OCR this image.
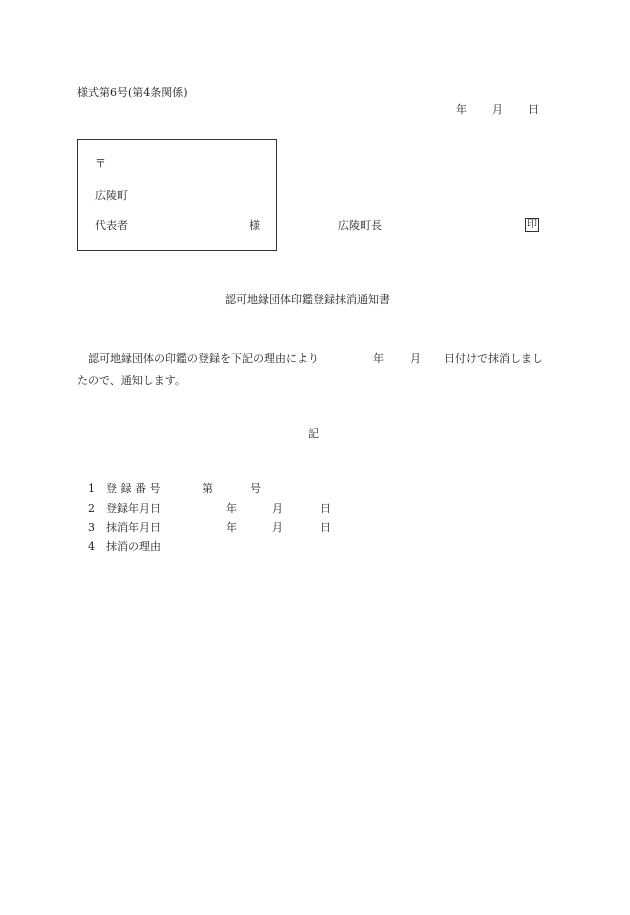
様式第6号(第4条関係)
年 月 日
〒
広陵町
代表者	様	広陵町長	印
認可地縁団体印鑑登録抹消通知書
認可地縁団体の印鑑の登録を下記の理由により	年 月 日付けで抹消しまし
たので、通知します。
記
1 登 録 番 号	第	号
2 登録年月日	年	月	日
3 抹消年月日	年	月	日
4 抹消の理由
